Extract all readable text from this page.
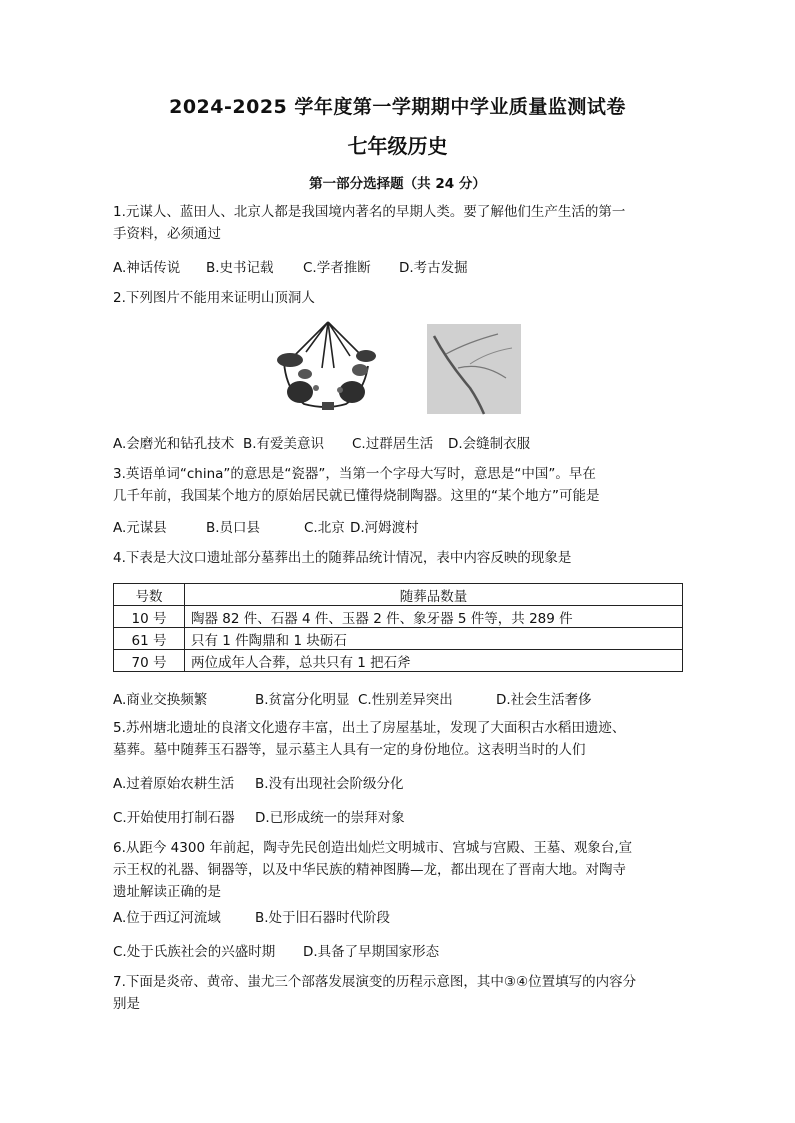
2024-2025 学年度第一学期期中学业质量监测试卷
七年级历史
第一部分选择题（共 24 分）
1.元谋人、蓝田人、北京人都是我国境内著名的早期人类。要了解他们生产生活的第一
手资料，必须通过
A.神话传说 B.史书记载 C.学者推断 D.考古发掘
2.下列图片不能用来证明山顶洞人
A.会磨光和钻孔技术 B.有爱美意识 C.过群居生活 D.会缝制衣服
3.英语单词“china”的意思是“瓷器”，当第一个字母大写时，意思是“中国”。早在
几千年前，我国某个地方的原始居民就已懂得烧制陶器。这里的“某个地方”可能是
A.元谋县	B.员口县	C.北京 D.河姆渡村
4.下表是大汶口遗址部分墓葬出土的随葬品统计情况，表中内容反映的现象是
号数	随葬品数量
10 号	陶器 82 件、石器 4 件、玉器 2 件、象牙器 5 件等，共 289 件
61 号	只有 1 件陶鼎和 1 块砺石
70 号	两位成年人合葬，总共只有 1 把石斧
A.商业交换频繁	B.贫富分化明显 C.性别差异突出	D.社会生活奢侈
5.苏州塘北遗址的良渚文化遗存丰富，出土了房屋基址，发现了大面积古水稻田遗迹、
墓葬。墓中随葬玉石器等，显示墓主人具有一定的身份地位。这表明当时的人们
A.过着原始农耕生活 B.没有出现社会阶级分化
C.开始使用打制石器 D.已形成统一的崇拜对象
6.从距今 4300 年前起，陶寺先民创造出灿烂文明城市、宫城与宫殿、王墓、观象台,宣
示王权的礼器、铜器等，以及中华民族的精神图腾—龙，都出现在了晋南大地。对陶寺
遗址解读正确的是
A.位于西辽河流域	B.处于旧石器时代阶段
C.处于氏族社会的兴盛时期 D.具备了早期国家形态
7.下面是炎帝、黄帝、蚩尤三个部落发展演变的历程示意图，其中③④位置填写的内容分
别是
